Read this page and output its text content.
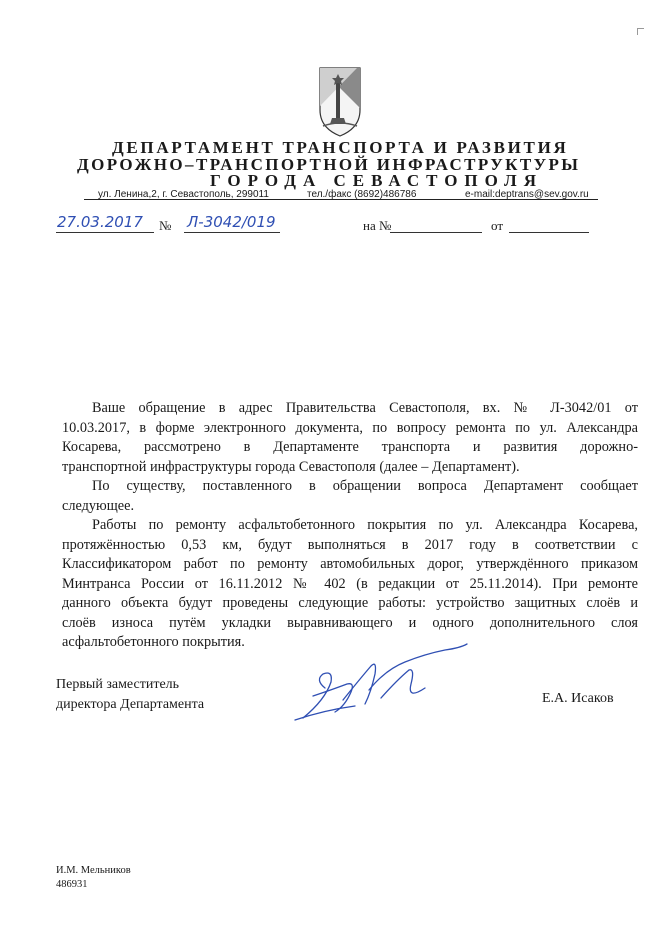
ДЕПАРТАМЕНТ ТРАНСПОРТА И РАЗВИТИЯ
ДОРОЖНО–ТРАНСПОРТНОЙ ИНФРАСТРУКТУРЫ
ГОРОДА СЕВАСТОПОЛЯ
ул. Ленина,2, г. Севастополь, 299011	тел./факс (8692)486786	e-mail:deptrans@sev.gov.ru
27.03.2017 № Л-3042/019	на №	от
Ваше обращение в адрес Правительства Севастополя, вх. № Л-3042/01 от
10.03.2017, в форме электронного документа, по вопросу ремонта по ул. Александра
Косарева, рассмотрено в Департаменте транспорта и развития дорожно-
транспортной инфраструктуры города Севастополя (далее – Департамент).
По существу, поставленного в обращении вопроса Департамент сообщает
следующее.
Работы по ремонту асфальтобетонного покрытия по ул. Александра Косарева,
протяжённостью 0,53 км, будут выполняться в 2017 году в соответствии с
Классификатором работ по ремонту автомобильных дорог, утверждённого приказом
Минтранса России от 16.11.2012 № 402 (в редакции от 25.11.2014). При ремонте
данного объекта будут проведены следующие работы: устройство защитных слоёв и
слоёв износа путём укладки выравнивающего и одного дополнительного слоя
асфальтобетонного покрытия.
Первый заместитель
директора Департамента	Е.А. Исаков
И.М. Мельников
486931
